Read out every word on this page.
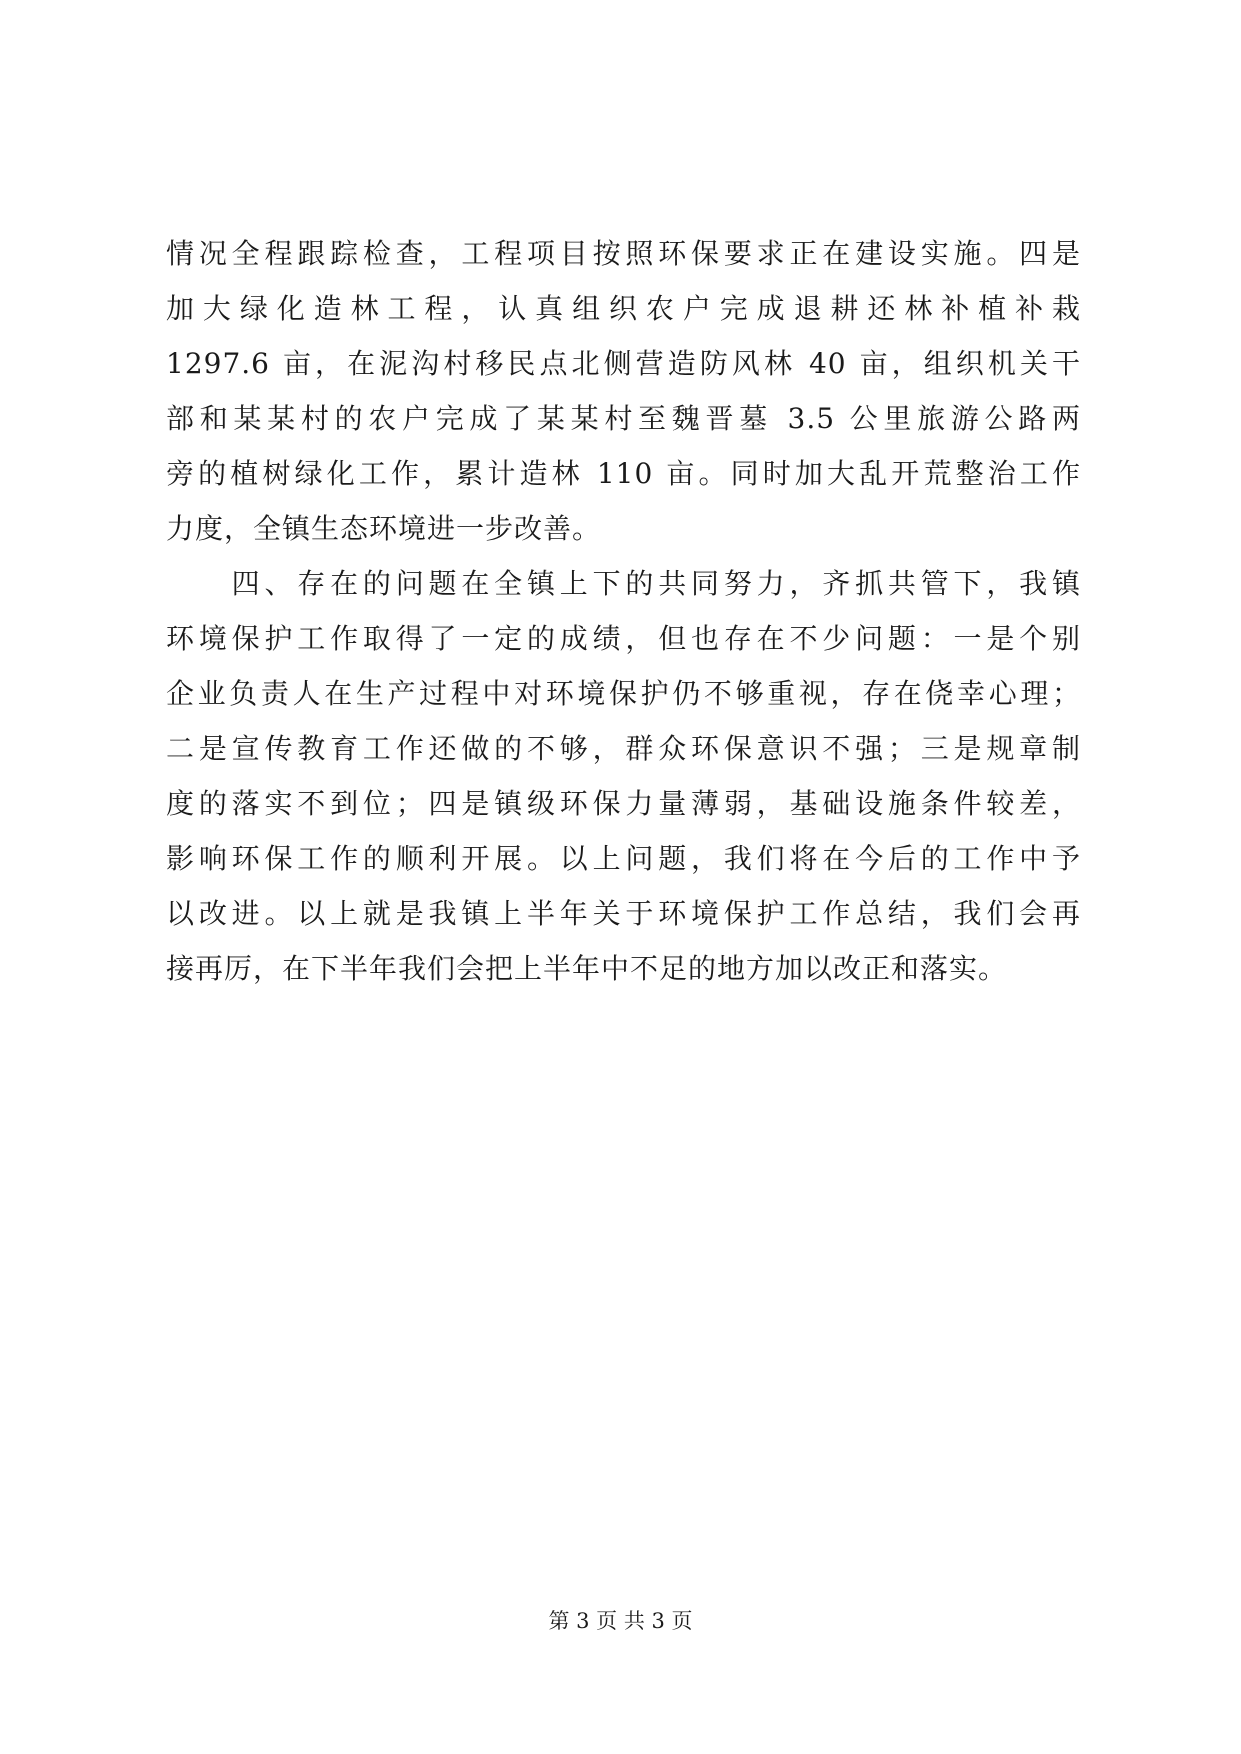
情况全程跟踪检查，工程项目按照环保要求正在建设实施。四是
加大绿化造林工程，认真组织农户完成退耕还林补植补栽
1297.6 亩，在泥沟村移民点北侧营造防风林 40 亩，组织机关干
部和某某村的农户完成了某某村至魏晋墓 3.5 公里旅游公路两
旁的植树绿化工作，累计造林 110 亩。同时加大乱开荒整治工作
力度，全镇生态环境进一步改善。
　　四、存在的问题在全镇上下的共同努力，齐抓共管下，我镇
环境保护工作取得了一定的成绩，但也存在不少问题：一是个别
企业负责人在生产过程中对环境保护仍不够重视，存在侥幸心理；
二是宣传教育工作还做的不够，群众环保意识不强；三是规章制
度的落实不到位；四是镇级环保力量薄弱，基础设施条件较差，
影响环保工作的顺利开展。以上问题，我们将在今后的工作中予
以改进。以上就是我镇上半年关于环境保护工作总结，我们会再
接再厉，在下半年我们会把上半年中不足的地方加以改正和落实。
第 3 页 共 3 页
